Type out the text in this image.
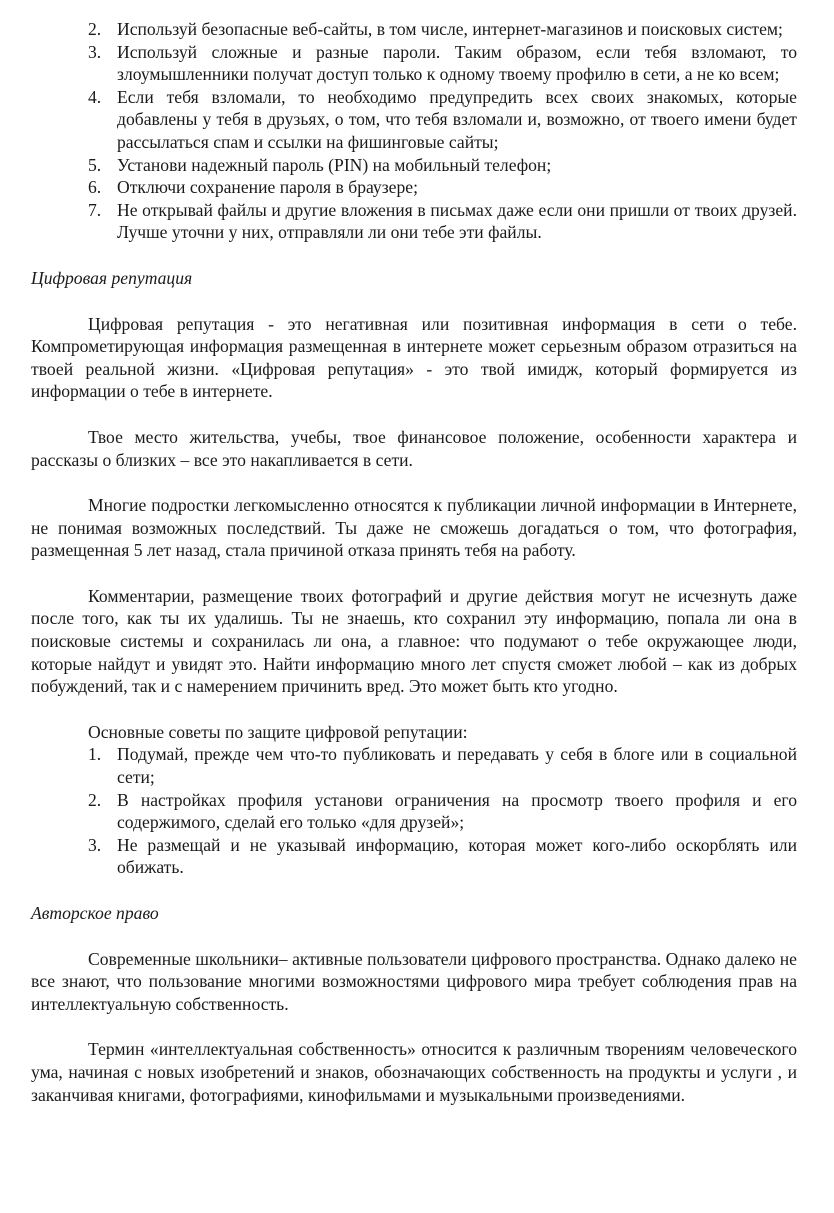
2. Используй безопасные веб-сайты, в том числе, интернет-магазинов и поисковых систем;
3. Используй сложные и разные пароли. Таким образом, если тебя взломают, то злоумышленники получат доступ только к одному твоему профилю в сети, а не ко всем;
4. Если тебя взломали, то необходимо предупредить всех своих знакомых, которые добавлены у тебя в друзьях, о том, что тебя взломали и, возможно, от твоего имени будет рассылаться спам и ссылки на фишинговые сайты;
5. Установи надежный пароль (PIN) на мобильный телефон;
6. Отключи сохранение пароля в браузере;
7. Не открывай файлы и другие вложения в письмах даже если они пришли от твоих друзей. Лучше уточни у них, отправляли ли они тебе эти файлы.
Цифровая репутация

Цифровая репутация - это негативная или позитивная информация в сети о тебе. Компрометирующая информация размещенная в интернете может серьезным образом отразиться на твоей реальной жизни. «Цифровая репутация» - это твой имидж, который формируется из информации о тебе в интернете.

Твое место жительства, учебы, твое финансовое положение, особенности характера и рассказы о близких – все это накапливается в сети.

Многие подростки легкомысленно относятся к публикации личной информации в Интернете, не понимая возможных последствий. Ты даже не сможешь догадаться о том, что фотография, размещенная 5 лет назад, стала причиной отказа принять тебя на работу.

Комментарии, размещение твоих фотографий и другие действия могут не исчезнуть даже после того, как ты их удалишь. Ты не знаешь, кто сохранил эту информацию, попала ли она в поисковые системы и сохранилась ли она, а главное: что подумают о тебе окружающее люди, которые найдут и увидят это. Найти информацию много лет спустя сможет любой – как из добрых побуждений, так и с намерением причинить вред. Это может быть кто угодно.

Основные советы по защите цифровой репутации:
1. Подумай, прежде чем что-то публиковать и передавать у себя в блоге или в социальной сети;
2. В настройках профиля установи ограничения на просмотр твоего профиля и его содержимого, сделай его только «для друзей»;
3. Не размещай и не указывай информацию, которая может кого-либо оскорблять или обижать.
Авторское право

Современные школьники– активные пользователи цифрового пространства. Однако далеко не все знают, что пользование многими возможностями цифрового мира требует соблюдения прав на интеллектуальную собственность.

Термин «интеллектуальная собственность» относится к различным творениям человеческого ума, начиная с новых изобретений и знаков, обозначающих собственность на продукты и услуги , и заканчивая книгами, фотографиями, кинофильмами и музыкальными произведениями.
